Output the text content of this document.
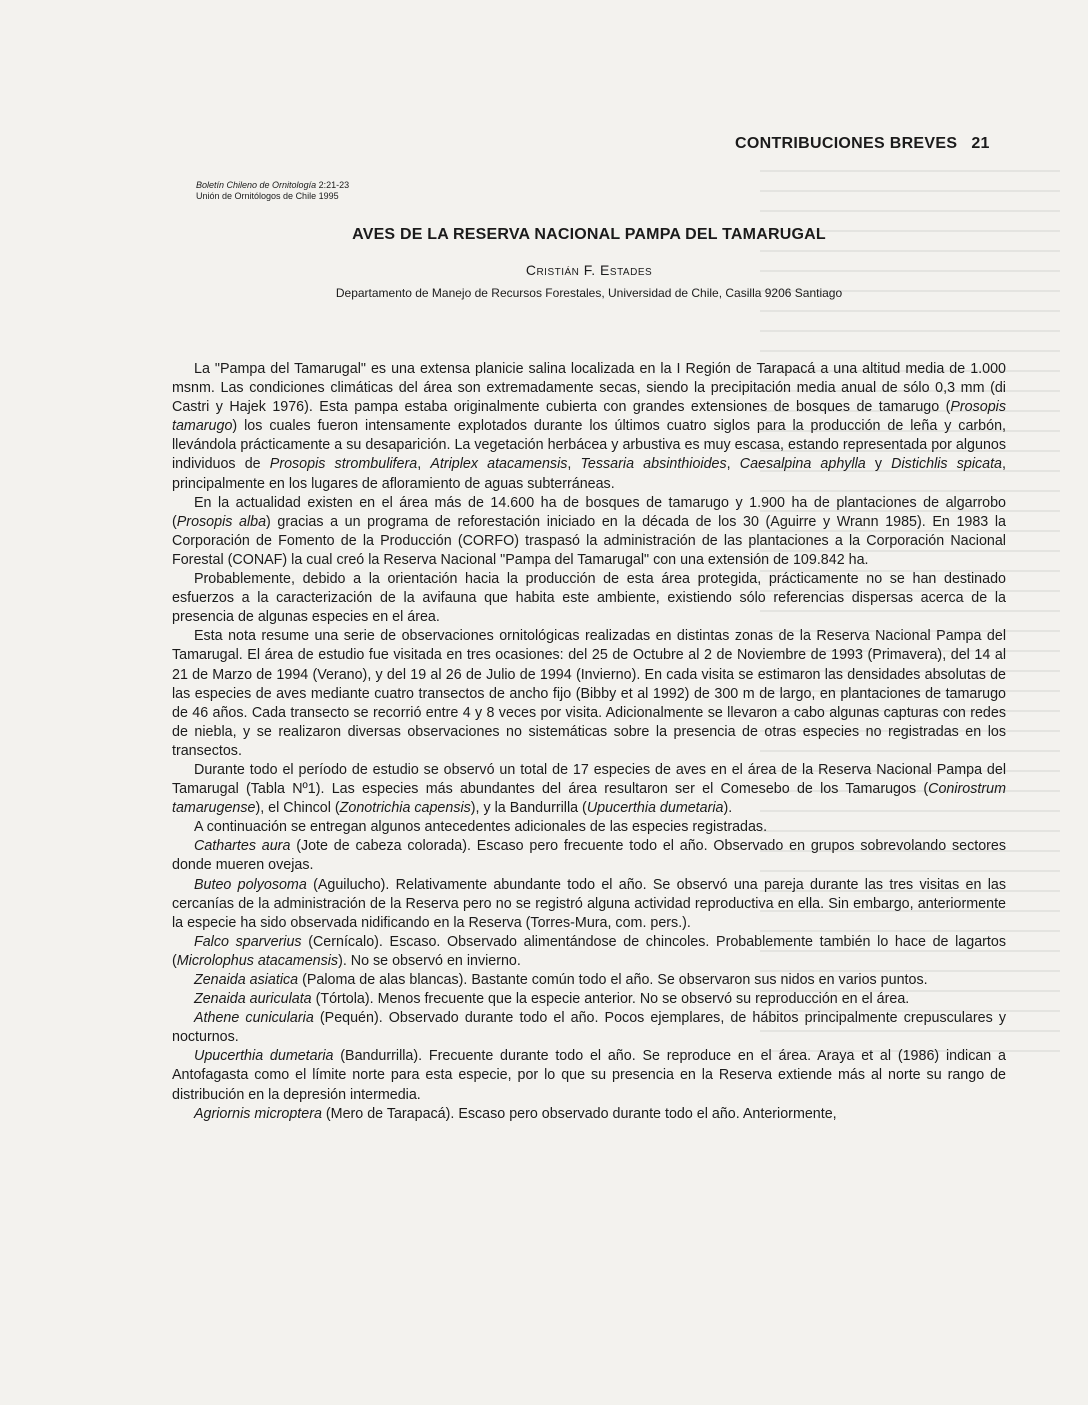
CONTRIBUCIONES BREVES 21
Boletín Chileno de Ornitología 2:21-23
Unión de Ornitólogos de Chile 1995
AVES DE LA RESERVA NACIONAL PAMPA DEL TAMARUGAL
Cristián F. Estades
Departamento de Manejo de Recursos Forestales, Universidad de Chile, Casilla 9206 Santiago

La "Pampa del Tamarugal" es una extensa planicie salina localizada en la I Región de Tarapacá a una altitud media de 1.000 msnm. Las condiciones climáticas del área son extremadamente secas, siendo la precipitación media anual de sólo 0,3 mm (di Castri y Hajek 1976). Esta pampa estaba originalmente cubierta con grandes extensiones de bosques de tamarugo (Prosopis tamarugo) los cuales fueron intensamente explotados durante los últimos cuatro siglos para la producción de leña y carbón, llevándola prácticamente a su desaparición. La vegetación herbácea y arbustiva es muy escasa, estando representada por algunos individuos de Prosopis strombulifera, Atriplex atacamensis, Tessaria absinthioides, Caesalpina aphylla y Distichlis spicata, principalmente en los lugares de afloramiento de aguas subterráneas.

En la actualidad existen en el área más de 14.600 ha de bosques de tamarugo y 1.900 ha de plantaciones de algarrobo (Prosopis alba) gracias a un programa de reforestación iniciado en la década de los 30 (Aguirre y Wrann 1985). En 1983 la Corporación de Fomento de la Producción (CORFO) traspasó la administración de las plantaciones a la Corporación Nacional Forestal (CONAF) la cual creó la Reserva Nacional "Pampa del Tamarugal" con una extensión de 109.842 ha.

Probablemente, debido a la orientación hacia la producción de esta área protegida, prácticamente no se han destinado esfuerzos a la caracterización de la avifauna que habita este ambiente, existiendo sólo referencias dispersas acerca de la presencia de algunas especies en el área.

Esta nota resume una serie de observaciones ornitológicas realizadas en distintas zonas de la Reserva Nacional Pampa del Tamarugal. El área de estudio fue visitada en tres ocasiones: del 25 de Octubre al 2 de Noviembre de 1993 (Primavera), del 14 al 21 de Marzo de 1994 (Verano), y del 19 al 26 de Julio de 1994 (Invierno). En cada visita se estimaron las densidades absolutas de las especies de aves mediante cuatro transectos de ancho fijo (Bibby et al 1992) de 300 m de largo, en plantaciones de tamarugo de 46 años. Cada transecto se recorrió entre 4 y 8 veces por visita. Adicionalmente se llevaron a cabo algunas capturas con redes de niebla, y se realizaron diversas observaciones no sistemáticas sobre la presencia de otras especies no registradas en los transectos.

Durante todo el período de estudio se observó un total de 17 especies de aves en el área de la Reserva Nacional Pampa del Tamarugal (Tabla Nº1). Las especies más abundantes del área resultaron ser el Comesebo de los Tamarugos (Conirostrum tamarugense), el Chincol (Zonotrichia capensis), y la Bandurrilla (Upucerthia dumetaria).

A continuación se entregan algunos antecedentes adicionales de las especies registradas.

Cathartes aura (Jote de cabeza colorada). Escaso pero frecuente todo el año. Observado en grupos sobrevolando sectores donde mueren ovejas.

Buteo polyosoma (Aguilucho). Relativamente abundante todo el año. Se observó una pareja durante las tres visitas en las cercanías de la administración de la Reserva pero no se registró alguna actividad reproductiva en ella. Sin embargo, anteriormente la especie ha sido observada nidificando en la Reserva (Torres-Mura, com. pers.).

Falco sparverius (Cernícalo). Escaso. Observado alimentándose de chincoles. Probablemente también lo hace de lagartos (Microlophus atacamensis). No se observó en invierno.

Zenaida asiatica (Paloma de alas blancas). Bastante común todo el año. Se observaron sus nidos en varios puntos.

Zenaida auriculata (Tórtola). Menos frecuente que la especie anterior. No se observó su reproducción en el área.

Athene cunicularia (Pequén). Observado durante todo el año. Pocos ejemplares, de hábitos principalmente crepusculares y nocturnos.

Upucerthia dumetaria (Bandurrilla). Frecuente durante todo el año. Se reproduce en el área. Araya et al (1986) indican a Antofagasta como el límite norte para esta especie, por lo que su presencia en la Reserva extiende más al norte su rango de distribución en la depresión intermedia.

Agriornis microptera (Mero de Tarapacá). Escaso pero observado durante todo el año. Anteriormente,
